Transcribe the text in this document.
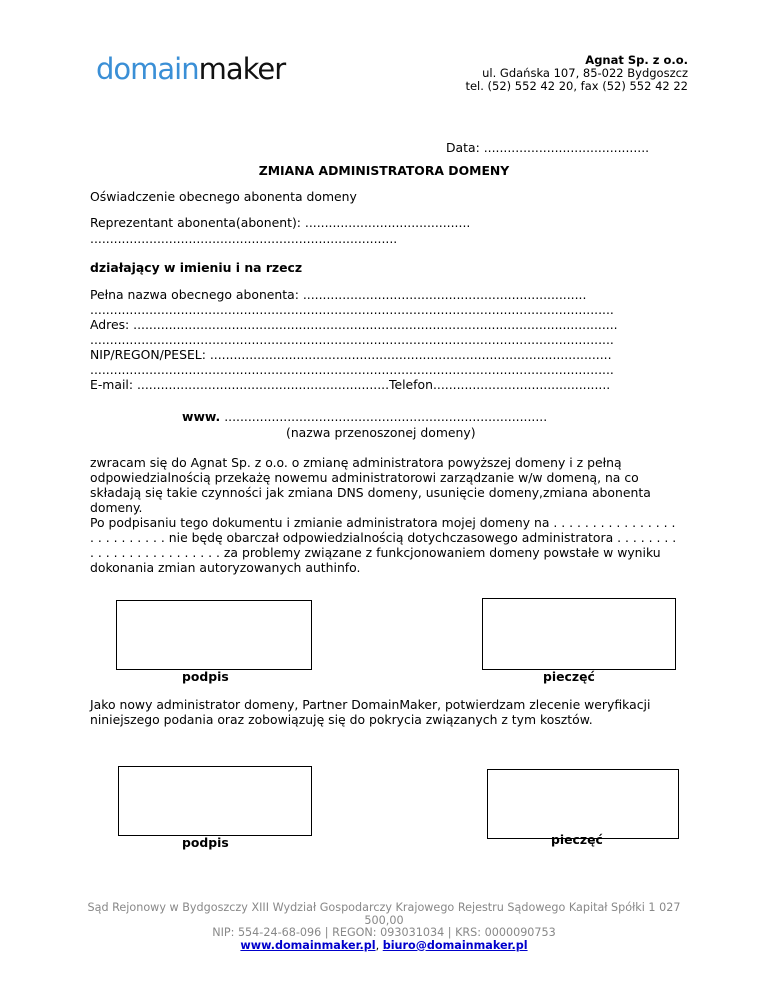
domainmaker	Agnat Sp. z o.o.
ul. Gdańska 107, 85-022 Bydgoszcz
tel. (52) 552 42 20, fax (52) 552 42 22
Data: ..........................................
ZMIANA ADMINISTRATORA DOMENY
Oświadczenie obecnego abonenta domeny
Reprezentant abonenta(abonent): ..........................................
..............................................................................
działający w imieniu i na rzecz
Pełna nazwa obecnego abonenta: ........................................................................
.....................................................................................................................................
Adres: ...........................................................................................................................
.....................................................................................................................................
NIP/REGON/PESEL: ......................................................................................................
.....................................................................................................................................
E-mail: ................................................................Telefon.............................................
www. ..................................................................................
(nazwa przenoszonej domeny)
zwracam się do Agnat Sp. z o.o. o zmianę administratora powyższej domeny i z pełną odpowiedzialnością przekażę nowemu administratorowi zarządzanie w/w domeną, na co składają się takie czynności jak zmiana DNS domeny, usunięcie domeny,zmiana abonenta domeny.
Po podpisaniu tego dokumentu i zmianie administratora mojej domeny na . . . . . . . . . . . . . . . . . . . . . . . . . . nie będę obarczał odpowiedzialnością dotychczasowego administratora . . . . . . . . . . . . . . . . . . . . . . . . . za problemy związane z funkcjonowaniem domeny powstałe w wyniku dokonania zmian autoryzowanych authinfo.
podpis	pieczęć
Jako nowy administrator domeny, Partner DomainMaker, potwierdzam zlecenie weryfikacji niniejszego podania oraz zobowiązuję się do pokrycia związanych z tym kosztów.
podpis	pieczęć
Sąd Rejonowy w Bydgoszczy XIII Wydział Gospodarczy Krajowego Rejestru Sądowego Kapitał Spółki 1 027 500,00
NIP: 554-24-68-096 | REGON: 093031034 | KRS: 0000090753
www.domainmaker.pl, biuro@domainmaker.pl
